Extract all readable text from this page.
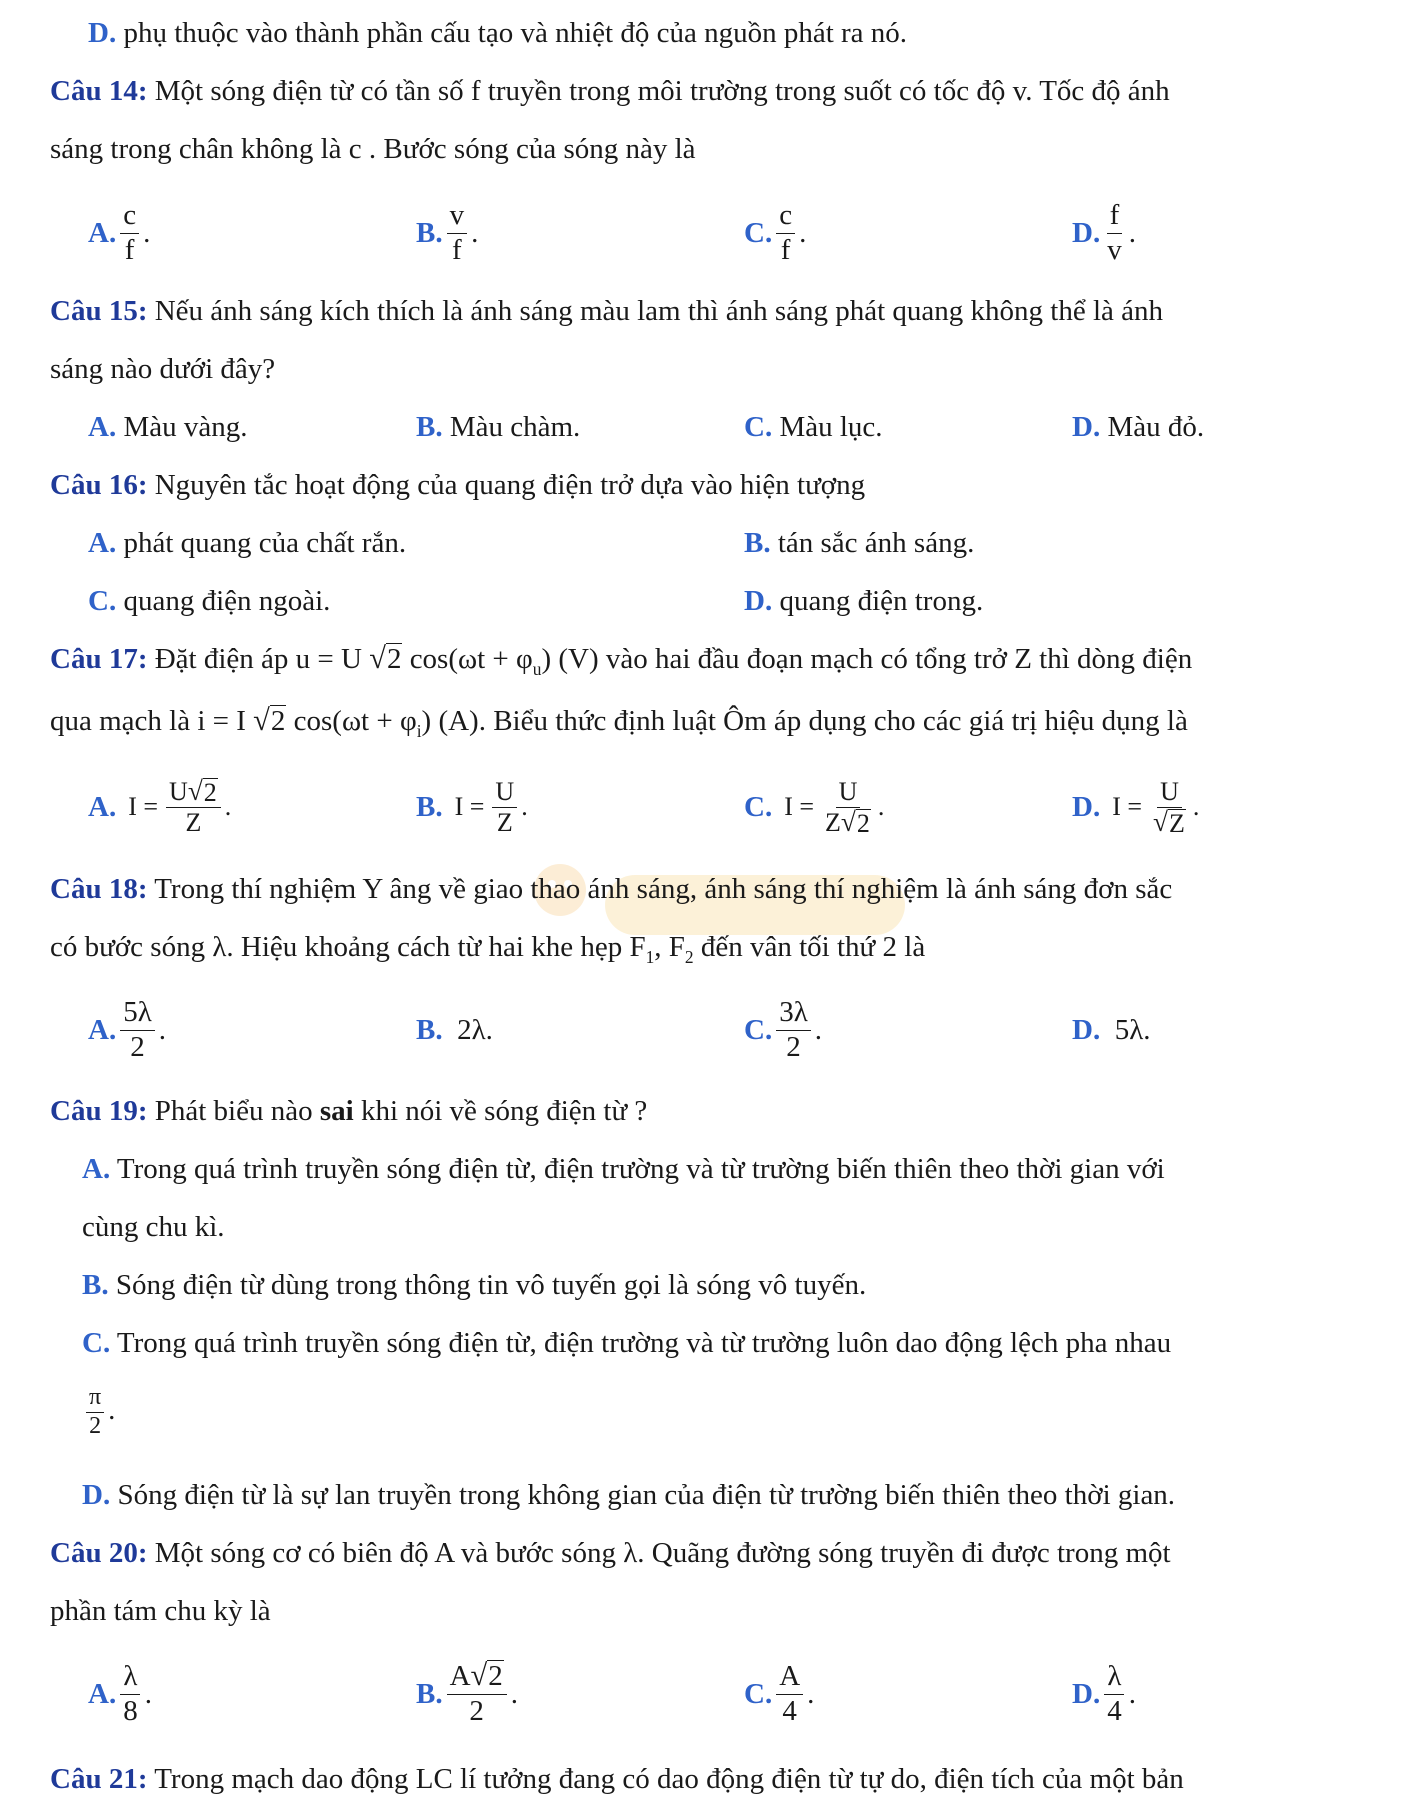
D. phụ thuộc vào thành phần cấu tạo và nhiệt độ của nguồn phát ra nó.
Câu 14: Một sóng điện từ có tần số f truyền trong môi trường trong suốt có tốc độ v. Tốc độ ánh
sáng trong chân không là c . Bước sóng của sóng này là
A. $\frac{c}{f}$ .	B. $\frac{v}{f}$ .	C. $\frac{c}{f}$ .	D. $\frac{f}{v}$ .
Câu 15: Nếu ánh sáng kích thích là ánh sáng màu lam thì ánh sáng phát quang không thể là ánh
sáng nào dưới đây?
A. Màu vàng.	B. Màu chàm.	C. Màu lục.	D. Màu đỏ.
Câu 16: Nguyên tắc hoạt động của quang điện trở dựa vào hiện tượng
A. phát quang của chất rắn.	B. tán sắc ánh sáng.
C. quang điện ngoài.	D. quang điện trong.
Câu 17: Đặt điện áp u = U √ 2 $\cos(\omega t + \varphi_u)$ (V) vào hai đầu đoạn mạch có tổng trở Z thì dòng điện
qua mạch là i = I √ 2 $\cos(\omega t + \varphi_i)$ (A). Biểu thức định luật Ôm áp dụng cho các giá trị hiệu dụng là
A. $I = \frac{U √ 2}{Z}$ .	B. $I = \frac{U}{Z}$ .	C. $I = \frac{U}{Z √ 2}$ .	D. $I = \frac{U}{√ Z}$ .
Câu 18: Trong thí nghiệm Y âng về giao thao ánh sáng, ánh sáng thí nghiệm là ánh sáng đơn sắc
có bước sóng λ. Hiệu khoảng cách từ hai khe hẹp $F_1$, $F_2$ đến vân tối thứ 2 là
A. $\frac{5\lambda}{2}$ .	B.
2λ.	C. $\frac{3\lambda}{2}$ .	D.
5λ.
Câu 19: Phát biểu nào sai khi nói về sóng điện từ ?
A. Trong quá trình truyền sóng điện từ, điện trường và từ trường biến thiên theo thời gian với
cùng chu kì.
B. Sóng điện từ dùng trong thông tin vô tuyến gọi là sóng vô tuyến.
C. Trong quá trình truyền sóng điện từ, điện trường và từ trường luôn dao động lệch pha nhau
$\frac{\pi}{2}$ .
D. Sóng điện từ là sự lan truyền trong không gian của điện từ trường biến thiên theo thời gian.
Câu 20: Một sóng cơ có biên độ A và bước sóng λ. Quãng đường sóng truyền đi được trong một
phần tám chu kỳ là
A. $\frac{\lambda}{8}$ .	B. $\frac{A √ 2}{2}$ .	C. $\frac{A}{4}$ .	D. $\frac{\lambda}{4}$ .
Câu 21: Trong mạch dao động LC lí tưởng đang có dao động điện từ tự do, điện tích của một bản
